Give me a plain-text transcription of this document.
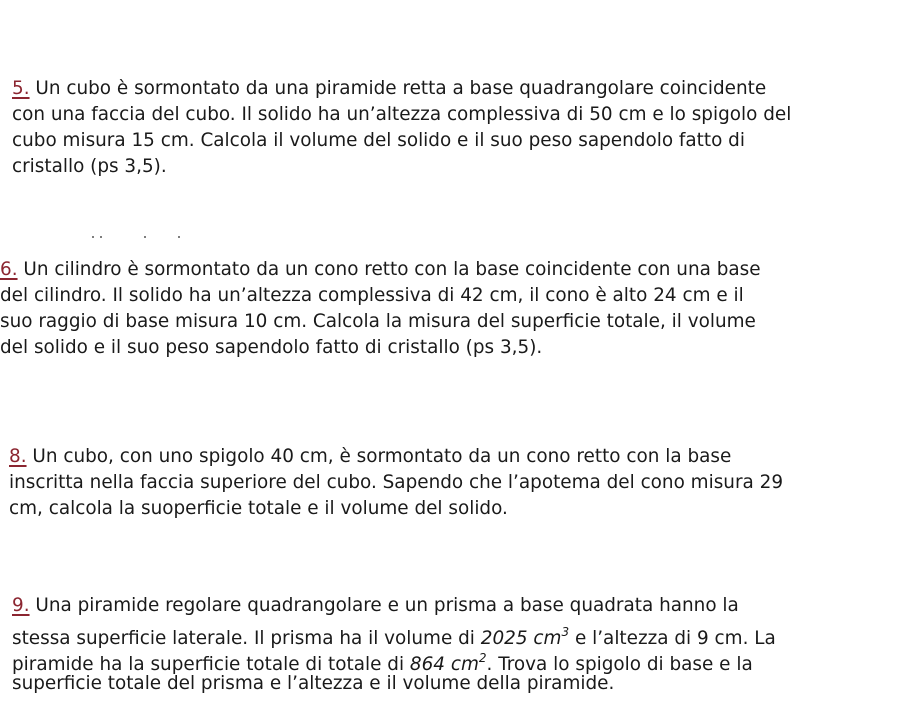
5. Un cubo è sormontato da una piramide retta a base quadrangolare coincidente
con una faccia del cubo. Il solido ha un’altezza complessiva di 50 cm e lo spigolo del
cubo misura 15 cm. Calcola il volume del solido e il suo peso sapendolo fatto di
cristallo (ps 3,5).
6. Un cilindro è sormontato da un cono retto con la base coincidente con una base
del cilindro. Il solido ha un’altezza complessiva di 42 cm, il cono è alto 24 cm e il
suo raggio di base misura 10 cm. Calcola la misura del superficie totale, il volume
del solido e il suo peso sapendolo fatto di cristallo (ps 3,5).
8. Un cubo, con uno spigolo 40 cm, è sormontato da un cono retto con la base
inscritta nella faccia superiore del cubo. Sapendo che l’apotema del cono misura 29
cm, calcola la suoperficie totale e il volume del solido.
9. Una piramide regolare quadrangolare e un prisma a base quadrata hanno la
stessa superficie laterale. Il prisma ha il volume di 2025 $cm^3$ e l’altezza di 9 cm. La
piramide ha la superficie totale di totale di 864 $cm^2$. Trova lo spigolo di base e la
superficie totale del prisma e l’altezza e il volume della piramide.
